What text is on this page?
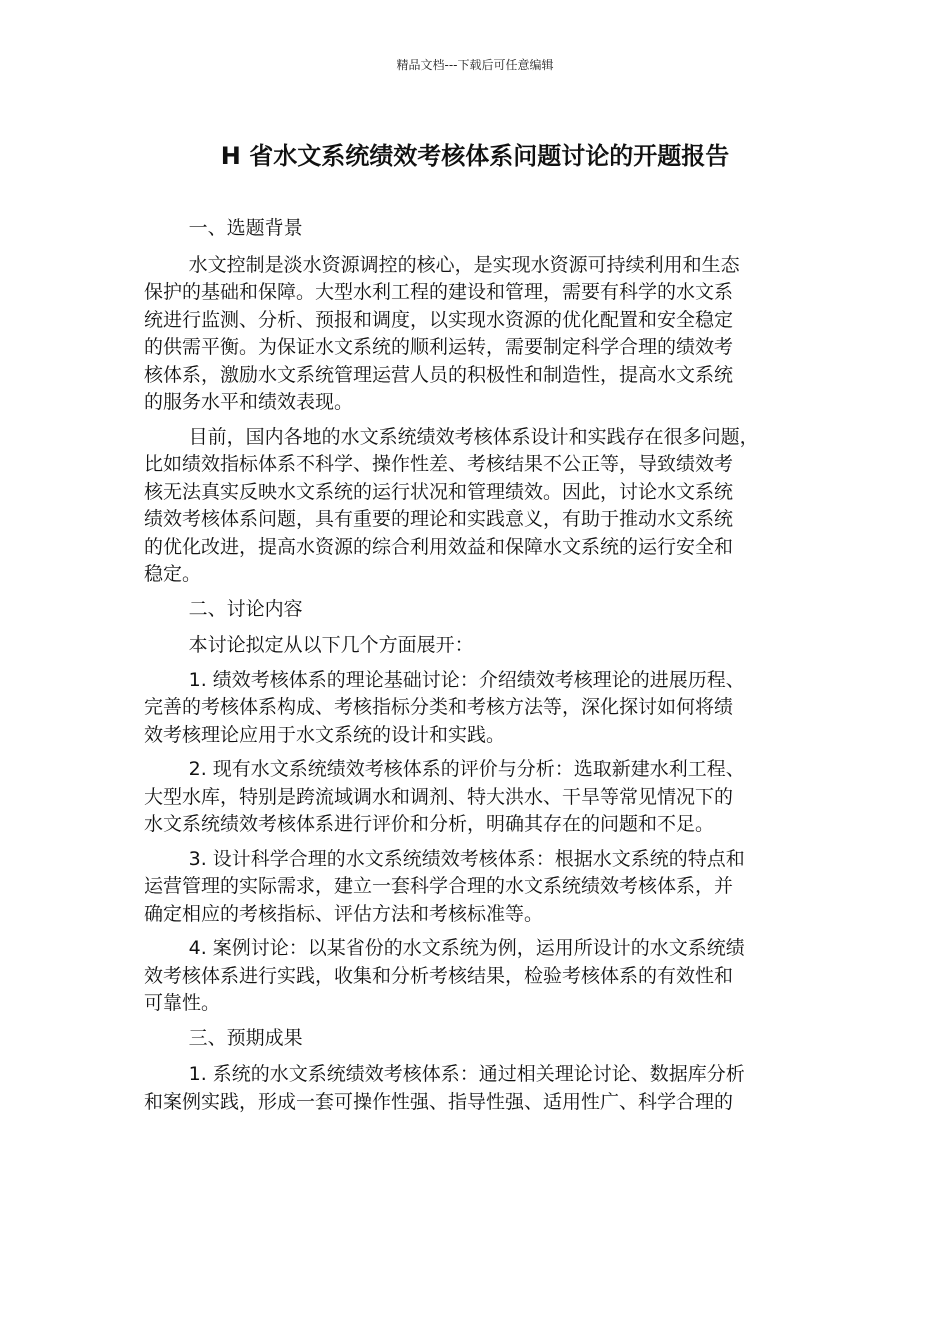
精品文档---下载后可任意编辑
H 省水文系统绩效考核体系问题讨论的开题报告

一、选题背景

水文控制是淡水资源调控的核心，是实现水资源可持续利用和生态
保护的基础和保障。大型水利工程的建设和管理，需要有科学的水文系
统进行监测、分析、预报和调度，以实现水资源的优化配置和安全稳定
的供需平衡。为保证水文系统的顺利运转，需要制定科学合理的绩效考
核体系，激励水文系统管理运营人员的积极性和制造性，提高水文系统
的服务水平和绩效表现。

目前，国内各地的水文系统绩效考核体系设计和实践存在很多问题，
比如绩效指标体系不科学、操作性差、考核结果不公正等，导致绩效考
核无法真实反映水文系统的运行状况和管理绩效。因此，讨论水文系统
绩效考核体系问题，具有重要的理论和实践意义，有助于推动水文系统
的优化改进，提高水资源的综合利用效益和保障水文系统的运行安全和
稳定。

二、讨论内容

本讨论拟定从以下几个方面展开：

1. 绩效考核体系的理论基础讨论：介绍绩效考核理论的进展历程、
完善的考核体系构成、考核指标分类和考核方法等，深化探讨如何将绩
效考核理论应用于水文系统的设计和实践。

2. 现有水文系统绩效考核体系的评价与分析：选取新建水利工程、
大型水库，特别是跨流域调水和调剂、特大洪水、干旱等常见情况下的
水文系统绩效考核体系进行评价和分析，明确其存在的问题和不足。

3. 设计科学合理的水文系统绩效考核体系：根据水文系统的特点和
运营管理的实际需求，建立一套科学合理的水文系统绩效考核体系，并
确定相应的考核指标、评估方法和考核标准等。

4. 案例讨论：以某省份的水文系统为例，运用所设计的水文系统绩
效考核体系进行实践，收集和分析考核结果，检验考核体系的有效性和
可靠性。

三、预期成果

1. 系统的水文系统绩效考核体系：通过相关理论讨论、数据库分析
和案例实践，形成一套可操作性强、指导性强、适用性广、科学合理的
